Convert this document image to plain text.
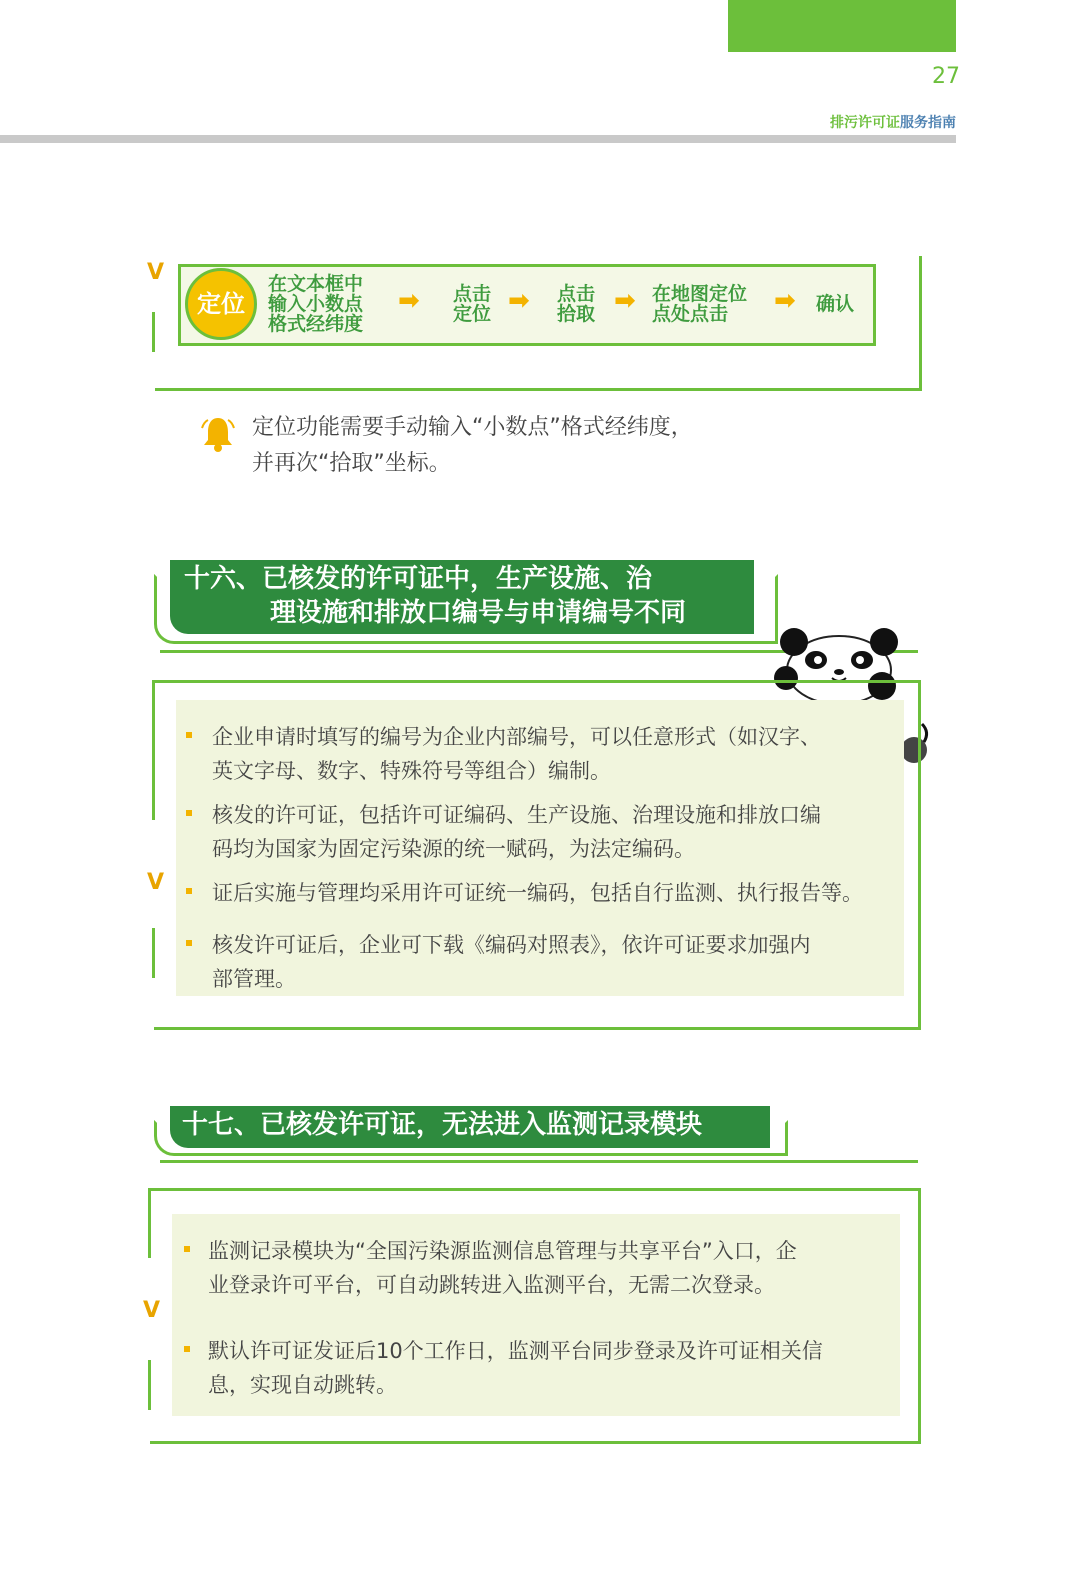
27
排污许可证服务指南
V
定位
在文本框中
输入小数点
格式经纬度
➡	点击
定位 ➡	点击
拾取 ➡ 在地图定位
点处点击	➡	确认
定位功能需要手动输入“小数点”格式经纬度，
并再次“拾取”坐标。
十六、已核发的许可证中，生产设施、治
理设施和排放口编号与申请编号不同
V
企业申请时填写的编号为企业内部编号，可以任意形式（如汉字、
英文字母、数字、特殊符号等组合）编制。
核发的许可证，包括许可证编码、生产设施、治理设施和排放口编
码均为国家为固定污染源的统一赋码，为法定编码。
证后实施与管理均采用许可证统一编码，包括自行监测、执行报告等。
核发许可证后，企业可下载《编码对照表》，依许可证要求加强内
部管理。
十七、已核发许可证，无法进入监测记录模块
V
监测记录模块为“全国污染源监测信息管理与共享平台”入口，企
业登录许可平台，可自动跳转进入监测平台，无需二次登录。
默认许可证发证后10个工作日，监测平台同步登录及许可证相关信
息，实现自动跳转。
